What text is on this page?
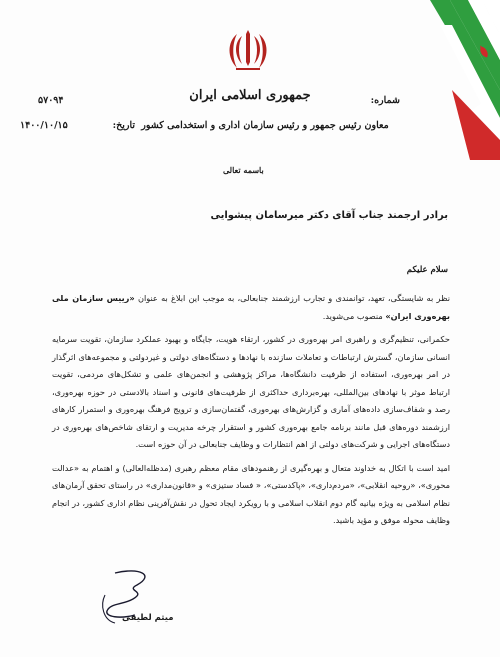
جمهوری اسلامی ایران	شماره:
۵۷۰۹۴
معاون رئیس جمهور و رئیس سازمان اداری و استخدامی کشور
تاریخ:
۱۴۰۰/۱۰/۱۵
باسمه تعالی
برادر ارجمند جناب آقای دکتر میرسامان پیشوایی
سلام علیکم

نظر به شایستگی، تعهد، توانمندی و تجارب ارزشمند جنابعالی، به موجب این ابلاغ به عنوان «رییس سازمان ملی بهره‌وری ایران» منصوب می‌شوید.

حکمرانی، تنظیم‌گری و راهبری امر بهره‌وری در کشور، ارتقاء هویت، جایگاه و بهبود عملکرد سازمان، تقویت سرمایه انسانی سازمان، گسترش ارتباطات و تعاملات سازنده با نهادها و دستگاه‌های دولتی و غیردولتی و مجموعه‌های اثرگذار در امر بهره‌وری، استفاده از ظرفیت دانشگاه‌ها، مراکز پژوهشی و انجمن‌های علمی و تشکل‌های مردمی، تقویت ارتباط موثر با نهادهای بین‌المللی، بهره‌برداری حداکثری از ظرفیت‌های قانونی و اسناد بالادستی در حوزه بهره‌وری، رصد و شفاف‌سازی داده‌های آماری و گزارش‌های بهره‌وری، گفتمان‌سازی و ترویج فرهنگ بهره‌وری و استمرار کارهای ارزشمند دوره‌های قبل مانند برنامه جامع بهره‌وری کشور و استقرار چرخه مدیریت و ارتقای شاخص‌های بهره‌وری در دستگاه‌های اجرایی و شرکت‌های دولتی از اهم انتظارات و وظایف جنابعالی در آن حوزه است.

امید است با اتکال به خداوند متعال و بهره‌گیری از رهنمودهای مقام معظم رهبری (مدظله‌العالی) و اهتمام به «عدالت محوری»، «روحیه انقلابی»، «مردم‌داری»، «پاکدستی»، « فساد ستیزی» و «قانون‌مداری» در راستای تحقق آرمان‌های نظام اسلامی به ویژه بیانیه گام دوم انقلاب اسلامی و با رویکرد ایجاد تحول در نقش‌آفرینی نظام اداری کشور، در انجام وظایف محوله موفق و مؤید باشید.

میثم لطیفی
